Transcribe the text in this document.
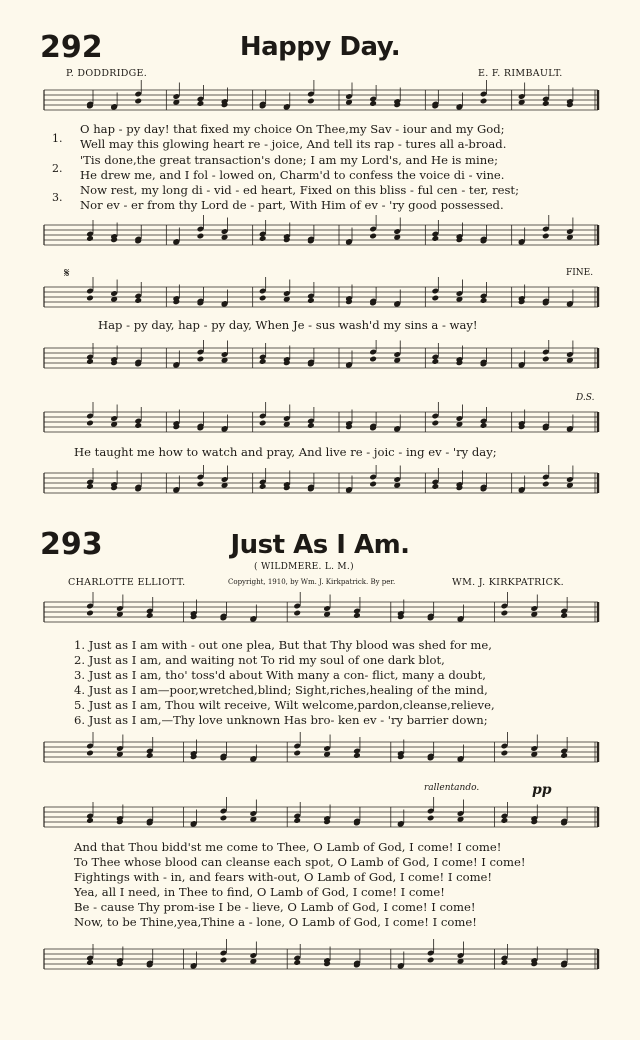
292	Happy Day.
P. DODDRIDGE.	E. F. RIMBAULT.
1.
2.
3.
O hap - py day! that fixed my choice On Thee,my Sav - iour and my God;
Well may this glowing heart re - joice, And tell its rap - tures all a-broad.
'Tis done,the great transaction's done; I am my Lord's, and He is mine;
He drew me, and I fol - lowed on, Charm'd to confess the voice di - vine.
Now rest, my long di - vid - ed heart, Fixed on this bliss - ful cen - ter, rest;
Nor ev - er from thy Lord de - part, With Him of ev - 'ry good possessed.
𝄋	FINE.
Hap - py day, hap - py day, When Je - sus wash'd my sins a - way!
D.S.
He taught me how to watch and pray, And live re - joic - ing ev - 'ry day;
293	Just As I Am.
( WILDMERE. L. M.)
CHARLOTTE ELLIOTT.	Copyright, 1910, by Wm. J. Kirkpatrick. By per.	WM. J. KIRKPATRICK.
1. Just as I am with - out one plea, But that Thy blood was shed for me,
2. Just as I am, and waiting not To rid my soul of one dark blot,
3. Just as I am, tho' toss'd about With many a con- flict, many a doubt,
4. Just as I am—poor,wretched,blind; Sight,riches,healing of the mind,
5. Just as I am, Thou wilt receive, Wilt welcome,pardon,cleanse,relieve,
6. Just as I am,—Thy love unknown Has bro- ken ev - 'ry barrier down;
rallentando.	pp
And that Thou bidd'st me come to Thee, O Lamb of God, I come! I come!
To Thee whose blood can cleanse each spot, O Lamb of God, I come! I come!
Fightings with - in, and fears with-out, O Lamb of God, I come! I come!
Yea, all I need, in Thee to find, O Lamb of God, I come! I come!
Be - cause Thy prom-ise I be - lieve, O Lamb of God, I come! I come!
Now, to be Thine,yea,Thine a - lone, O Lamb of God, I come! I come!
